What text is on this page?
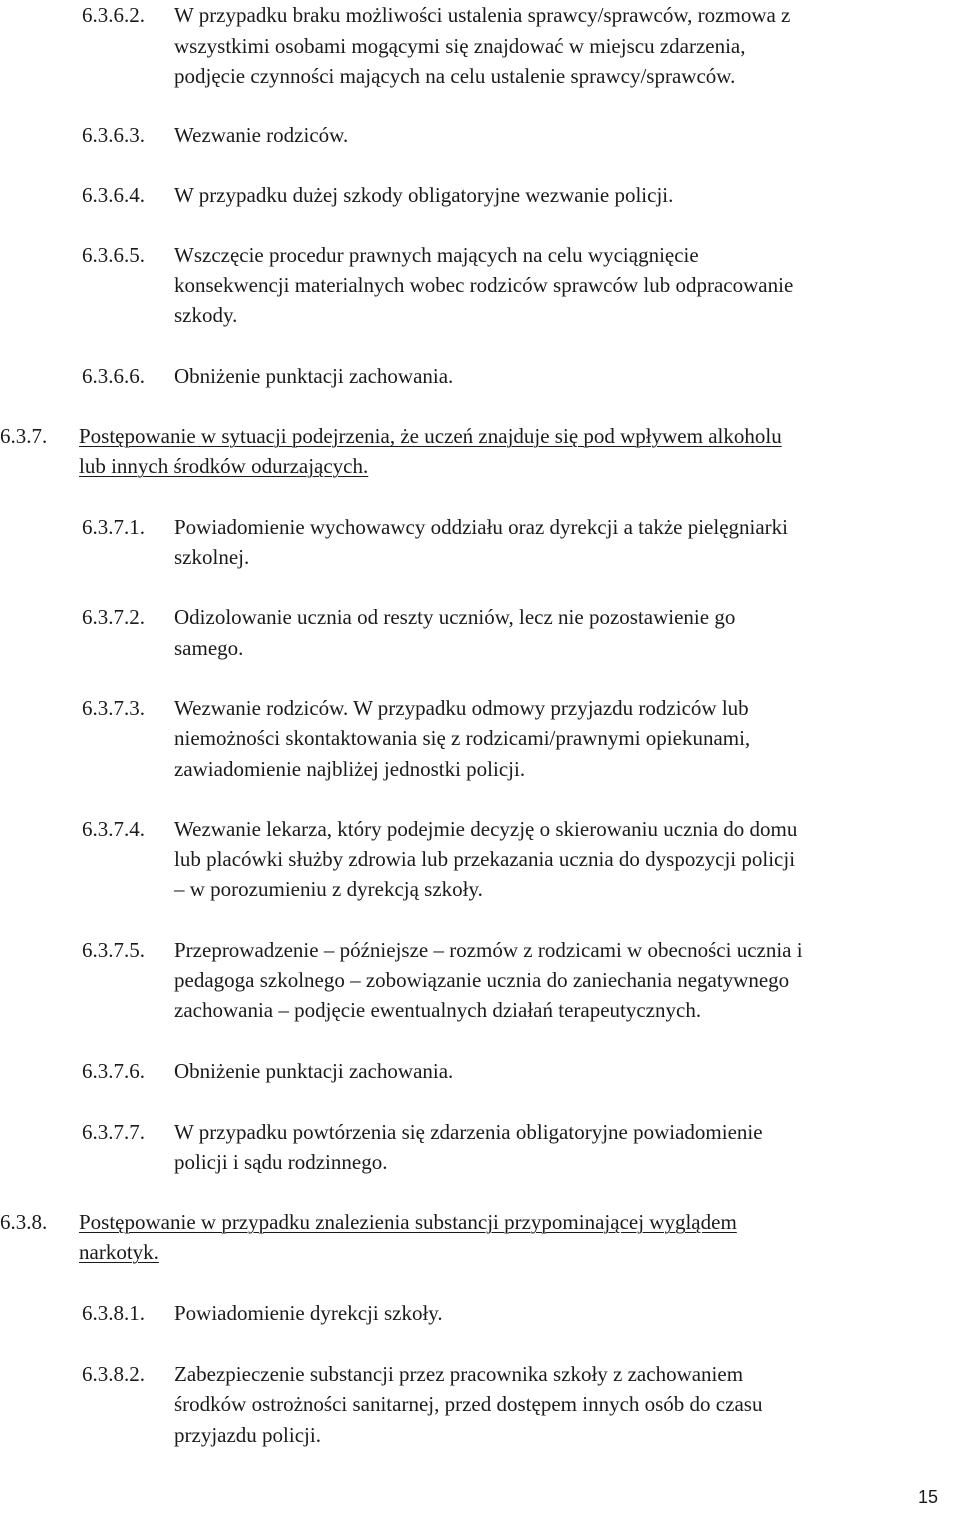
6.3.6.2. W przypadku braku możliwości ustalenia sprawcy/sprawców, rozmowa z
wszystkimi osobami mogącymi się znajdować w miejscu zdarzenia,
podjęcie czynności mających na celu ustalenie sprawcy/sprawców.
6.3.6.3. Wezwanie rodziców.
6.3.6.4. W przypadku dużej szkody obligatoryjne wezwanie policji.
6.3.6.5. Wszczęcie procedur prawnych mających na celu wyciągnięcie
konsekwencji materialnych wobec rodziców sprawców lub odpracowanie
szkody.
6.3.6.6. Obniżenie punktacji zachowania.
6.3.7. Postępowanie w sytuacji podejrzenia, że uczeń znajduje się pod wpływem alkoholu
lub innych środków odurzających.
6.3.7.1. Powiadomienie wychowawcy oddziału oraz dyrekcji a także pielęgniarki
szkolnej.
6.3.7.2. Odizolowanie ucznia od reszty uczniów, lecz nie pozostawienie go
samego.
6.3.7.3. Wezwanie rodziców. W przypadku odmowy przyjazdu rodziców lub
niemożności skontaktowania się z rodzicami/prawnymi opiekunami,
zawiadomienie najbliżej jednostki policji.
6.3.7.4. Wezwanie lekarza, który podejmie decyzję o skierowaniu ucznia do domu
lub placówki służby zdrowia lub przekazania ucznia do dyspozycji policji
– w porozumieniu z dyrekcją szkoły.
6.3.7.5. Przeprowadzenie – późniejsze – rozmów z rodzicami w obecności ucznia i
pedagoga szkolnego – zobowiązanie ucznia do zaniechania negatywnego
zachowania – podjęcie ewentualnych działań terapeutycznych.
6.3.7.6. Obniżenie punktacji zachowania.
6.3.7.7. W przypadku powtórzenia się zdarzenia obligatoryjne powiadomienie
policji i sądu rodzinnego.
6.3.8. Postępowanie w przypadku znalezienia substancji przypominającej wyglądem
narkotyk.
6.3.8.1. Powiadomienie dyrekcji szkoły.
6.3.8.2. Zabezpieczenie substancji przez pracownika szkoły z zachowaniem
środków ostrożności sanitarnej, przed dostępem innych osób do czasu
przyjazdu policji.
15
